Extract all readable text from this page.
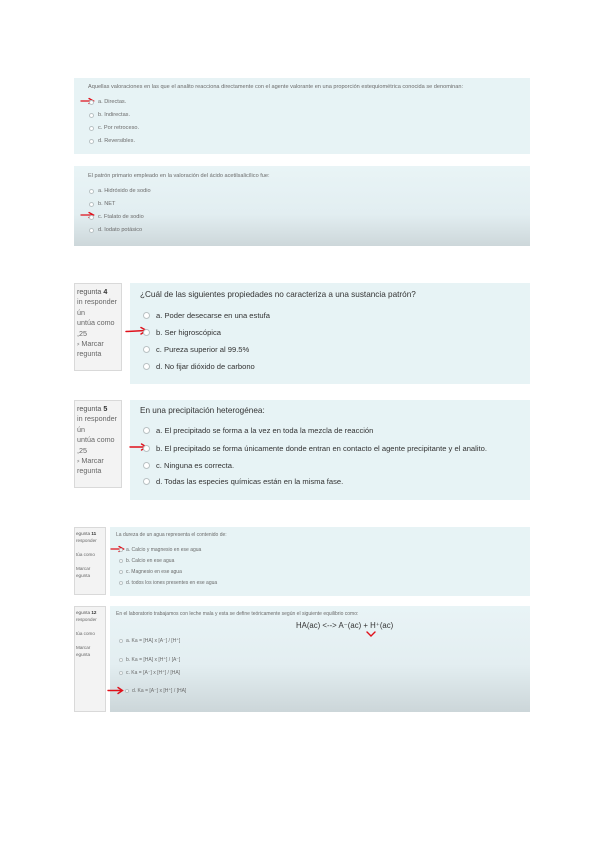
Aquellas valoraciones en las que el analito reacciona directamente con el agente valorante en una proporción estequiométrica conocida se denominan:
a. Directas.
b. Indirectas.
c. Por retroceso.
d. Reversibles.
El patrón primario empleado en la valoración del ácido acetilsalicílico fue:
a. Hidróxido de sodio
b. NET
c. Ftalato de sodio
d. Iodato potásico
regunta 4
in responder
ún
untúa como
,25
⸗ Marcar
regunta
¿Cuál de las siguientes propiedades no caracteriza a una sustancia patrón?
a. Poder desecarse en una estufa
b. Ser higroscópica
c. Pureza superior al 99.5%
d. No fijar dióxido de carbono
regunta 5
in responder
ún
untúa como
,25
⸗ Marcar
regunta
En una precipitación heterogénea:
a. El precipitado se forma a la vez en toda la mezcla de reacción
b. El precipitado se forma únicamente donde entran en contacto el agente precipitante y el analito.
c. Ninguna es correcta.
d. Todas las especies químicas están en la misma fase.
egunta 11
responder
túa como
Marcar
egunta
La dureza de un agua representa el contenido de:
a. Calcio y magnesio en ese agua
b. Calcio en ese agua
c. Magnesio en ese agua
d. todos los iones presentes en ese agua
egunta 12
responder
túa como
Marcar
egunta
En el laboratorio trabajamos con leche mala y esta se define teóricamente según el siguiente equilibrio como:
HA(ac) <--> A⁻(ac) + H⁺(ac)
a. Ka = [HA] x [A⁻] / [H⁺]
b. Ka = [HA] x [H⁺] / [A⁻]
c. Ka = [A⁻] x [H⁺] / [HA]
d. Ka = [A⁻] x [H⁺] / [HA]
